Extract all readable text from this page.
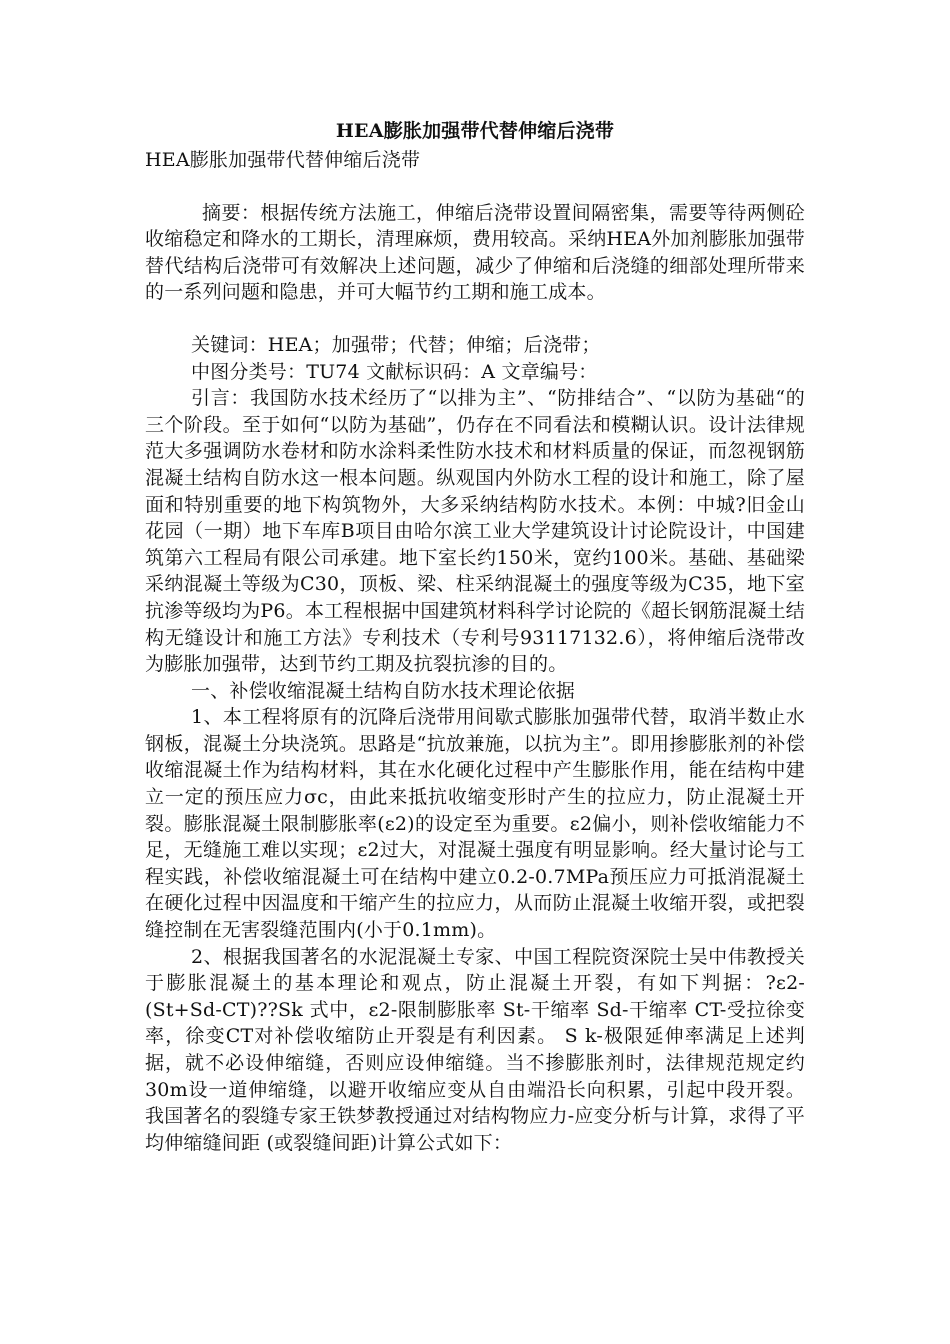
HEA膨胀加强带代替伸缩后浇带
HEA膨胀加强带代替伸缩后浇带

摘要：根据传统方法施工，伸缩后浇带设置间隔密集，需要等待两侧砼收缩稳定和降水的工期长，清理麻烦，费用较高。采纳HEA外加剂膨胀加强带替代结构后浇带可有效解决上述问题，减少了伸缩和后浇缝的细部处理所带来的一系列问题和隐患，并可大幅节约工期和施工成本。

关键词：HEA；加强带；代替；伸缩；后浇带；

中图分类号：TU74 文献标识码：A 文章编号：

引言：我国防水技术经历了“以排为主”、“防排结合”、“以防为基础“的三个阶段。至于如何“以防为基础”，仍存在不同看法和模糊认识。设计法律规范大多强调防水卷材和防水涂料柔性防水技术和材料质量的保证，而忽视钢筋混凝土结构自防水这一根本问题。纵观国内外防水工程的设计和施工，除了屋面和特别重要的地下构筑物外，大多采纳结构防水技术。本例：中城?旧金山花园（一期）地下车库B项目由哈尔滨工业大学建筑设计讨论院设计，中国建筑第六工程局有限公司承建。地下室长约150米，宽约100米。基础、基础梁采纳混凝土等级为C30，顶板、梁、柱采纳混凝土的强度等级为C35，地下室抗渗等级均为P6。本工程根据中国建筑材料科学讨论院的《超长钢筋混凝土结构无缝设计和施工方法》专利技术（专利号93117132.6），将伸缩后浇带改为膨胀加强带，达到节约工期及抗裂抗渗的目的。

一、补偿收缩混凝土结构自防水技术理论依据

1、本工程将原有的沉降后浇带用间歇式膨胀加强带代替，取消半数止水钢板，混凝土分块浇筑。思路是“抗放兼施，以抗为主”。即用掺膨胀剂的补偿收缩混凝土作为结构材料，其在水化硬化过程中产生膨胀作用，能在结构中建立一定的预压应力σc，由此来抵抗收缩变形时产生的拉应力，防止混凝土开裂。膨胀混凝土限制膨胀率(ε2)的设定至为重要。ε2偏小，则补偿收缩能力不足，无缝施工难以实现；ε2过大，对混凝土强度有明显影响。经大量讨论与工程实践，补偿收缩混凝土可在结构中建立0.2-0.7MPa预压应力可抵消混凝土在硬化过程中因温度和干缩产生的拉应力，从而防止混凝土收缩开裂，或把裂缝控制在无害裂缝范围内(小于0.1mm)。

2、根据我国著名的水泥混凝土专家、中国工程院资深院士吴中伟教授关于膨胀混凝土的基本理论和观点，防止混凝土开裂，有如下判据：?ε2-(St+Sd-CT)??Sk 式中，ε2-限制膨胀率 St-干缩率 Sd-干缩率 CT-受拉徐变率，徐变CT对补偿收缩防止开裂是有利因素。 S k-极限延伸率满足上述判据，就不必设伸缩缝，否则应设伸缩缝。当不掺膨胀剂时，法律规范规定约30m设一道伸缩缝，以避开收缩应变从自由端沿长向积累，引起中段开裂。 我国著名的裂缝专家王铁梦教授通过对结构物应力-应变分析与计算，求得了平均伸缩缝间距 (或裂缝间距)计算公式如下：
